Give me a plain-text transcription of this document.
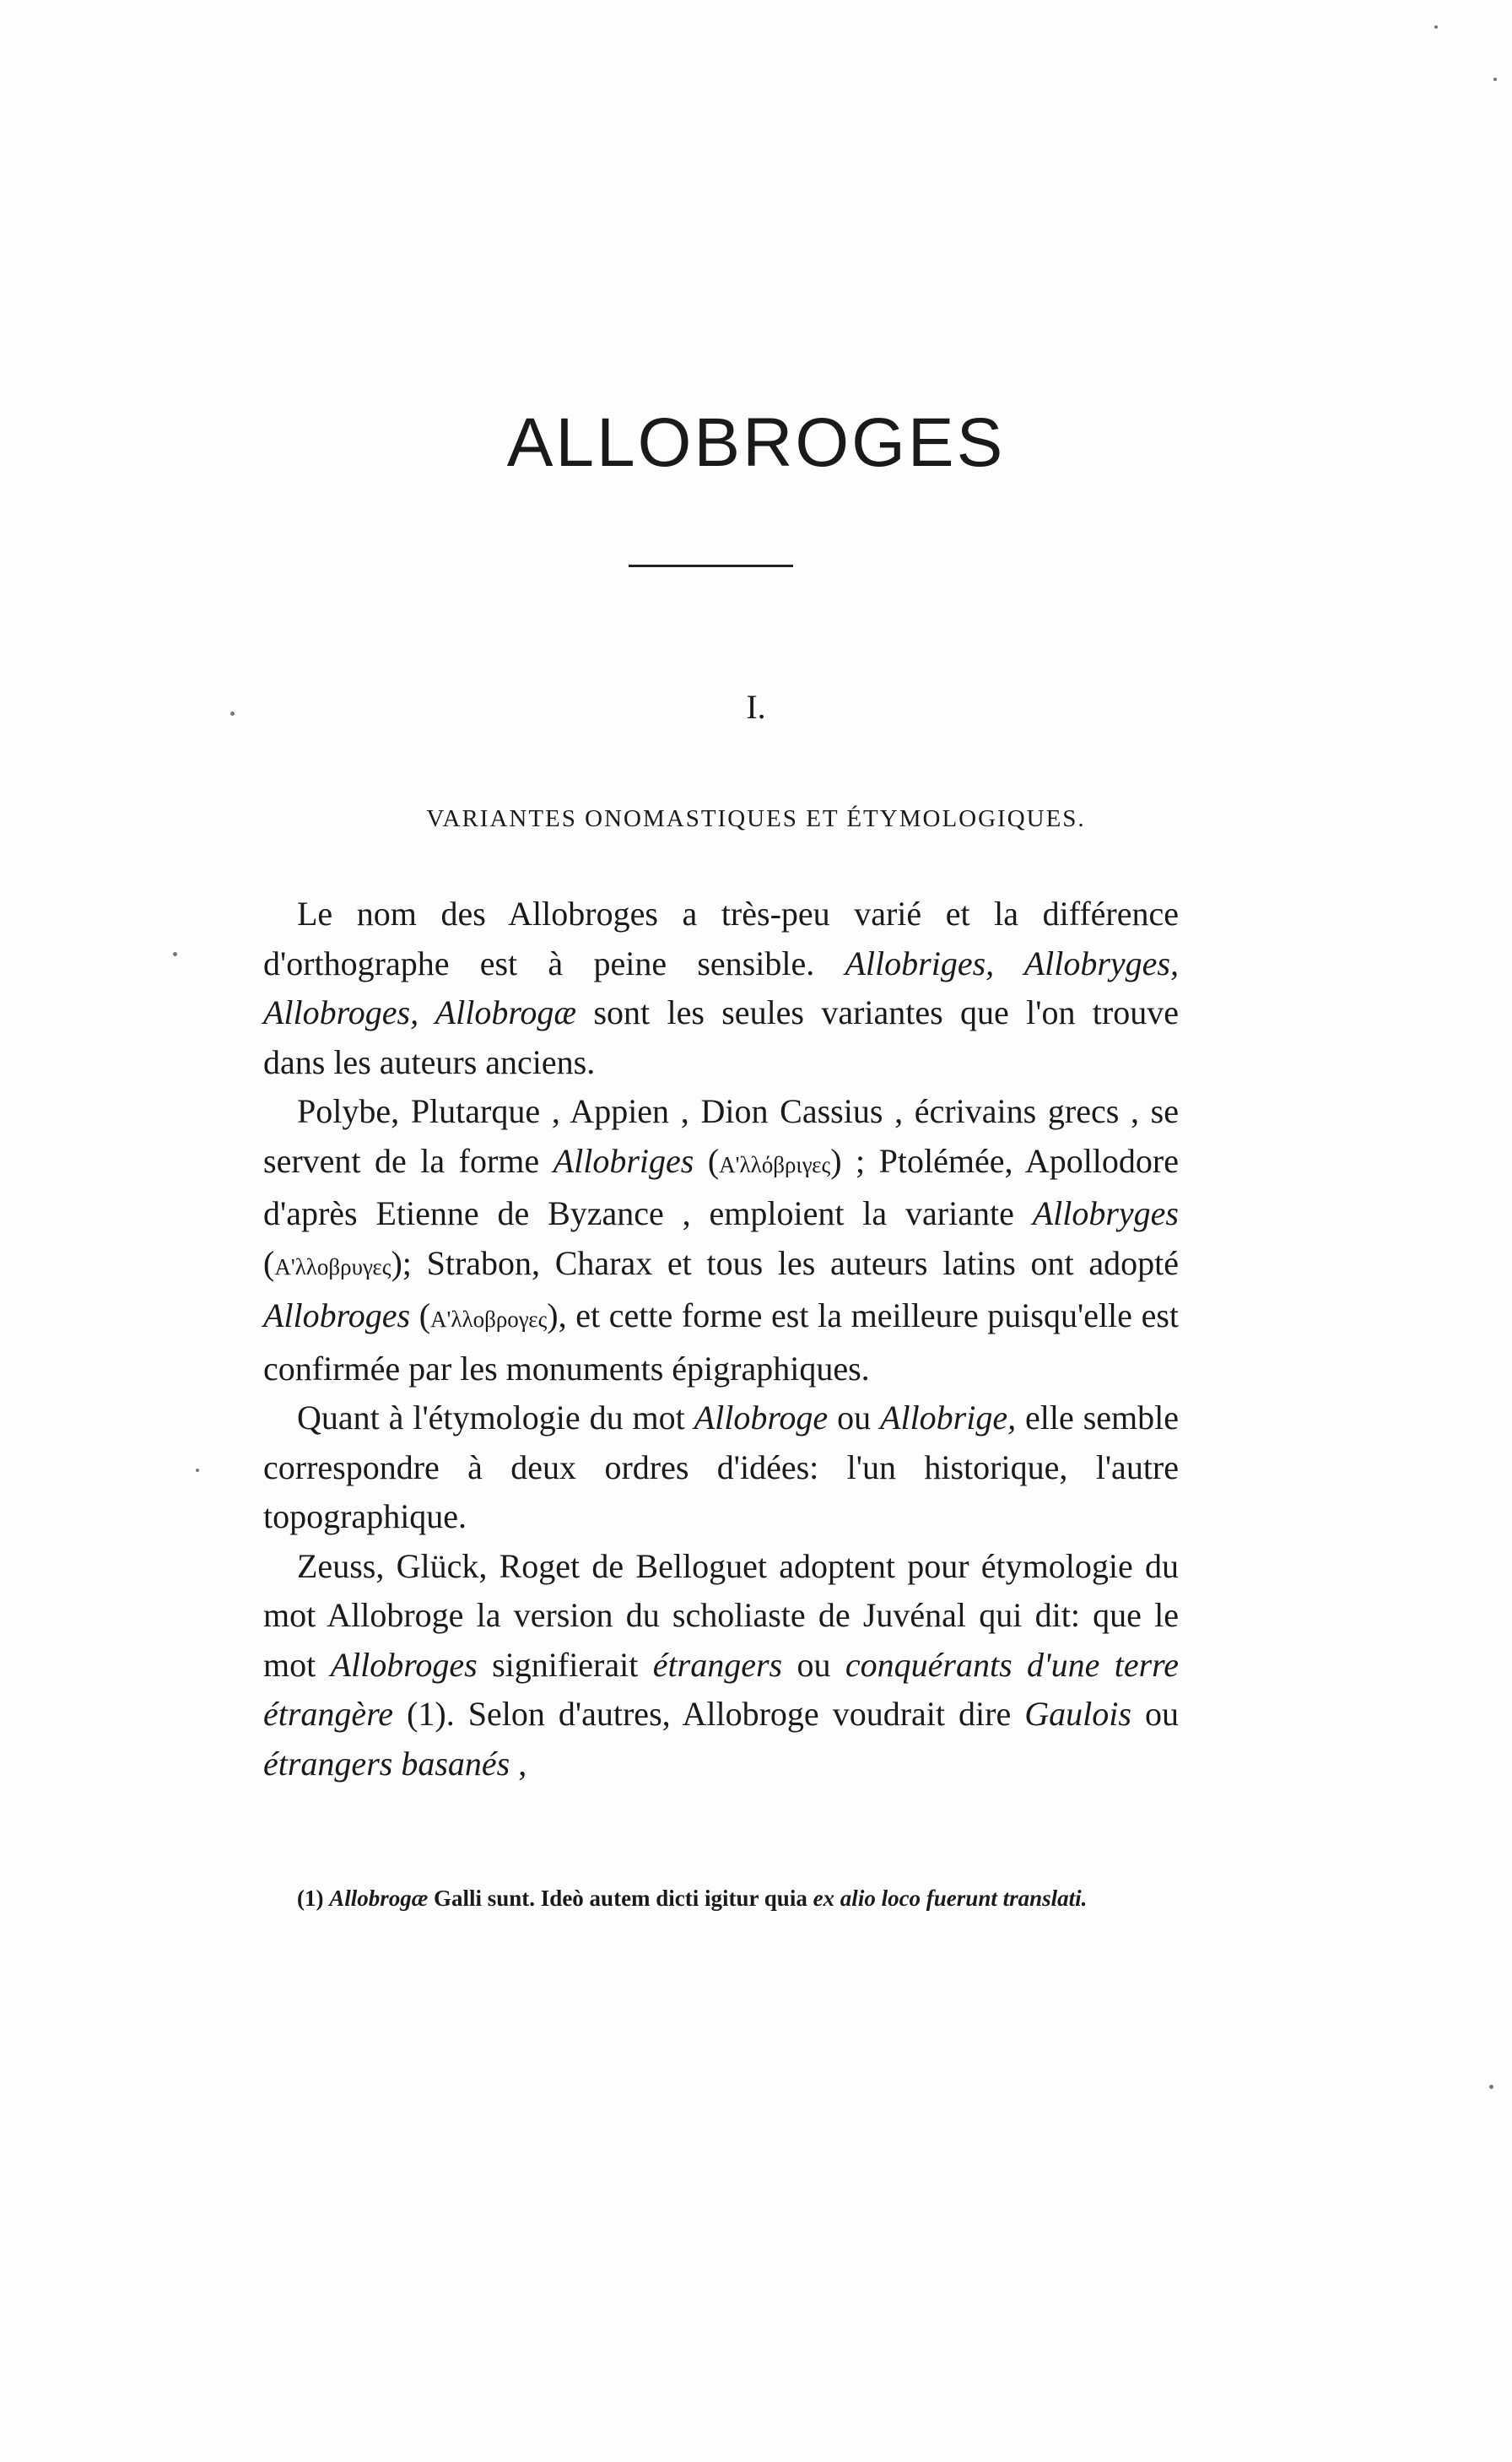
ALLOBROGES
I.
VARIANTES ONOMASTIQUES ET ÉTYMOLOGIQUES.

Le nom des Allobroges a très-peu varié et la différence d'orthographe est à peine sensible. Allobriges, Allobryges, Allobroges, Allobrogæ sont les seules variantes que l'on trouve dans les auteurs anciens.

Polybe, Plutarque , Appien , Dion Cassius , écrivains grecs , se servent de la forme Allobriges (Α'λλόβριγες) ; Ptolémée, Apollodore d'après Etienne de Byzance , emploient la variante Allobryges (Α'λλοβρυγες); Strabon, Charax et tous les auteurs latins ont adopté Allobroges (Α'λλοβρογες), et cette forme est la meilleure puisqu'elle est confirmée par les monuments épigraphiques.

Quant à l'étymologie du mot Allobroge ou Allobrige, elle semble correspondre à deux ordres d'idées: l'un historique, l'autre topographique.

Zeuss, Glück, Roget de Belloguet adoptent pour étymologie du mot Allobroge la version du scholiaste de Juvénal qui dit: que le mot Allobroges signifierait étrangers ou conquérants d'une terre étrangère (1). Selon d'autres, Allobroge voudrait dire Gaulois ou étrangers basanés ,

(1) Allobrogæ Galli sunt. Ideò autem dicti igitur quia ex alio loco fuerunt translati.
